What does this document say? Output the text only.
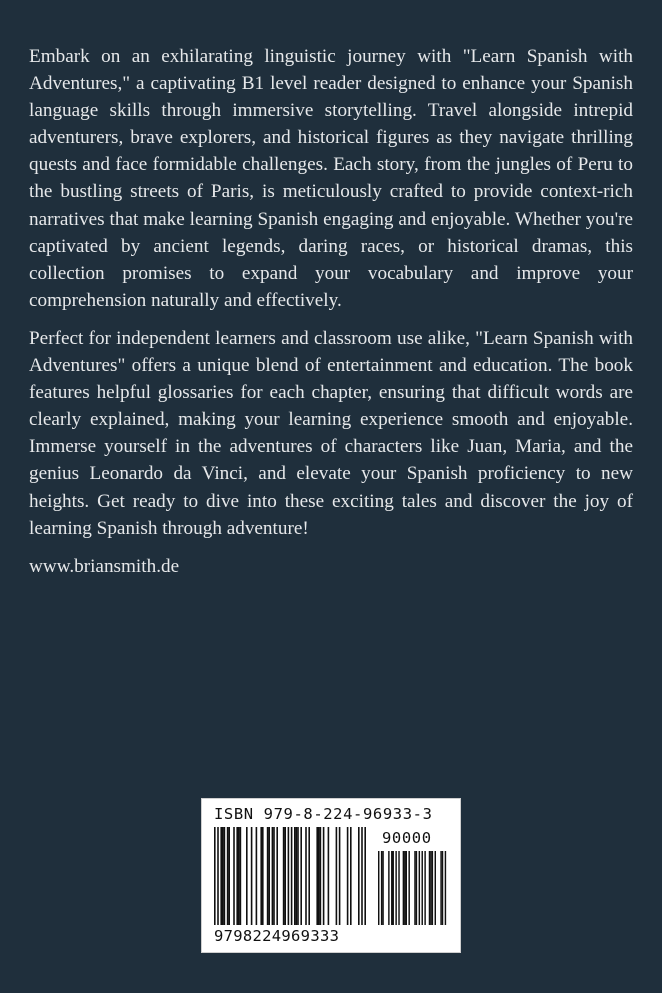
Embark on an exhilarating linguistic journey with "Learn Spanish with Adventures," a captivating B1 level reader designed to enhance your Spanish language skills through immersive storytelling. Travel alongside intrepid adventurers, brave explorers, and historical figures as they navigate thrilling quests and face formidable challenges. Each story, from the jungles of Peru to the bustling streets of Paris, is meticulously crafted to provide context-rich narratives that make learning Spanish engaging and enjoyable. Whether you're captivated by ancient legends, daring races, or historical dramas, this collection promises to expand your vocabulary and improve your comprehension naturally and effectively.

Perfect for independent learners and classroom use alike, "Learn Spanish with Adventures" offers a unique blend of entertainment and education. The book features helpful glossaries for each chapter, ensuring that difficult words are clearly explained, making your learning experience smooth and enjoyable. Immerse yourself in the adventures of characters like Juan, Maria, and the genius Leonardo da Vinci, and elevate your Spanish proficiency to new heights. Get ready to dive into these exciting tales and discover the joy of learning Spanish through adventure!

www.briansmith.de

ISBN 979-8-224-96933-3
90000
9798224969333
